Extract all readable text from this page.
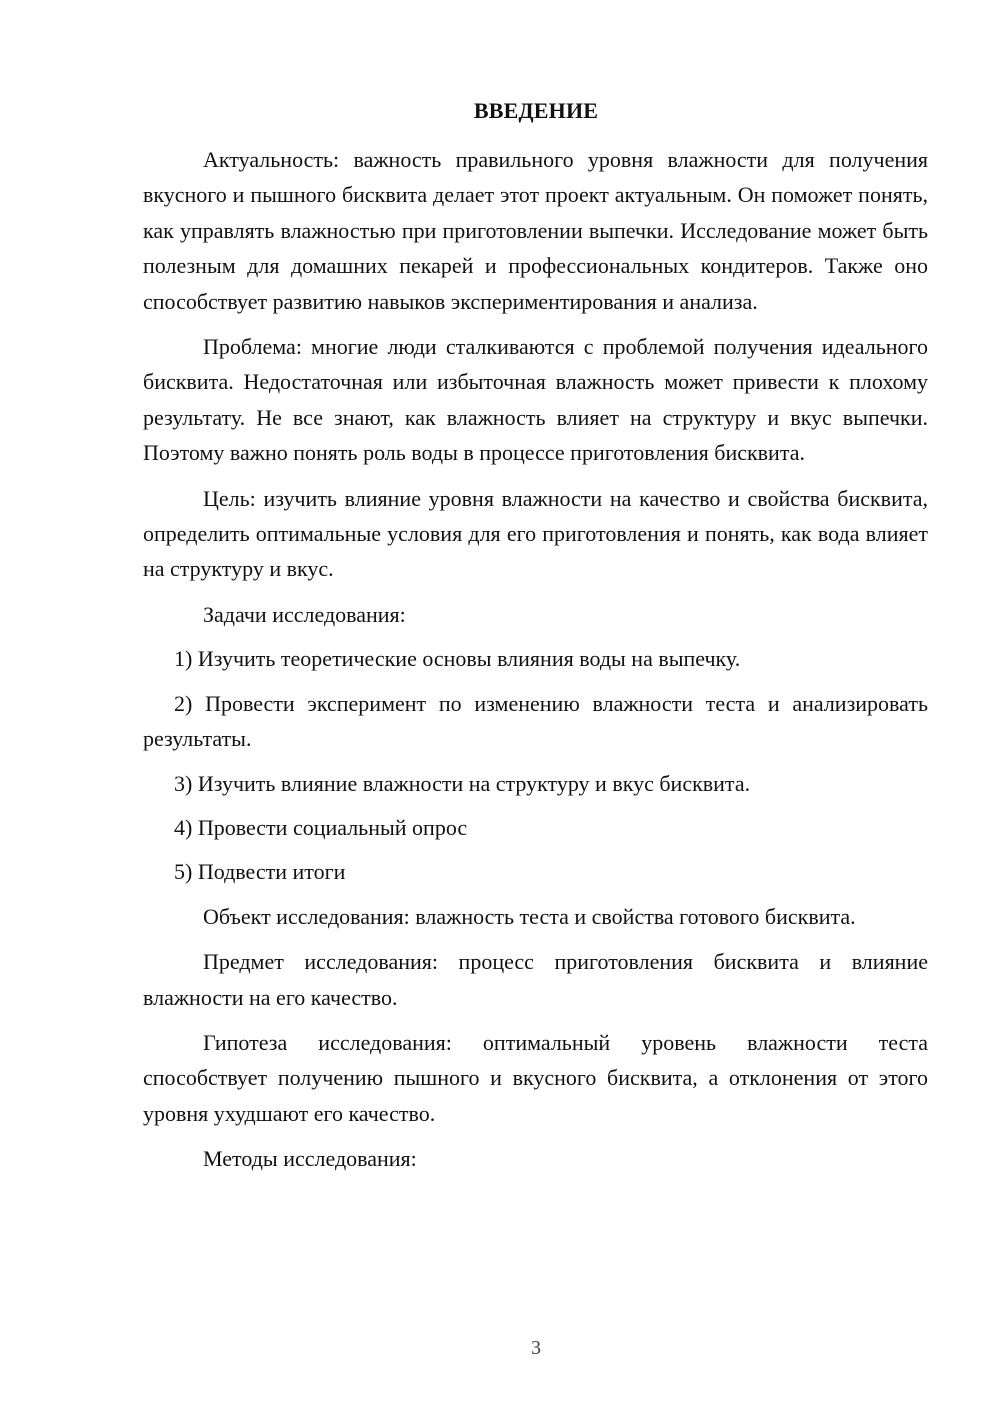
ВВЕДЕНИЕ

Актуальность: важность правильного уровня влажности для получения вкусного и пышного бисквита делает этот проект актуальным. Он поможет понять, как управлять влажностью при приготовлении выпечки. Исследование может быть полезным для домашних пекарей и профессиональных кондитеров. Также оно способствует развитию навыков экспериментирования и анализа.

Проблема: многие люди сталкиваются с проблемой получения идеального бисквита. Недостаточная или избыточная влажность может привести к плохому результату. Не все знают, как влажность влияет на структуру и вкус выпечки. Поэтому важно понять роль воды в процессе приготовления бисквита.

Цель: изучить влияние уровня влажности на качество и свойства бисквита, определить оптимальные условия для его приготовления и понять, как вода влияет на структуру и вкус.

Задачи исследования:

1) Изучить теоретические основы влияния воды на выпечку.

2) Провести эксперимент по изменению влажности теста и анализировать результаты.

3) Изучить влияние влажности на структуру и вкус бисквита.

4) Провести социальный опрос

5) Подвести итоги

Объект исследования: влажность теста и свойства готового бисквита.

Предмет исследования: процесс приготовления бисквита и влияние влажности на его качество.

Гипотеза исследования: оптимальный уровень влажности теста способствует получению пышного и вкусного бисквита, а отклонения от этого уровня ухудшают его качество.

Методы исследования:

3
